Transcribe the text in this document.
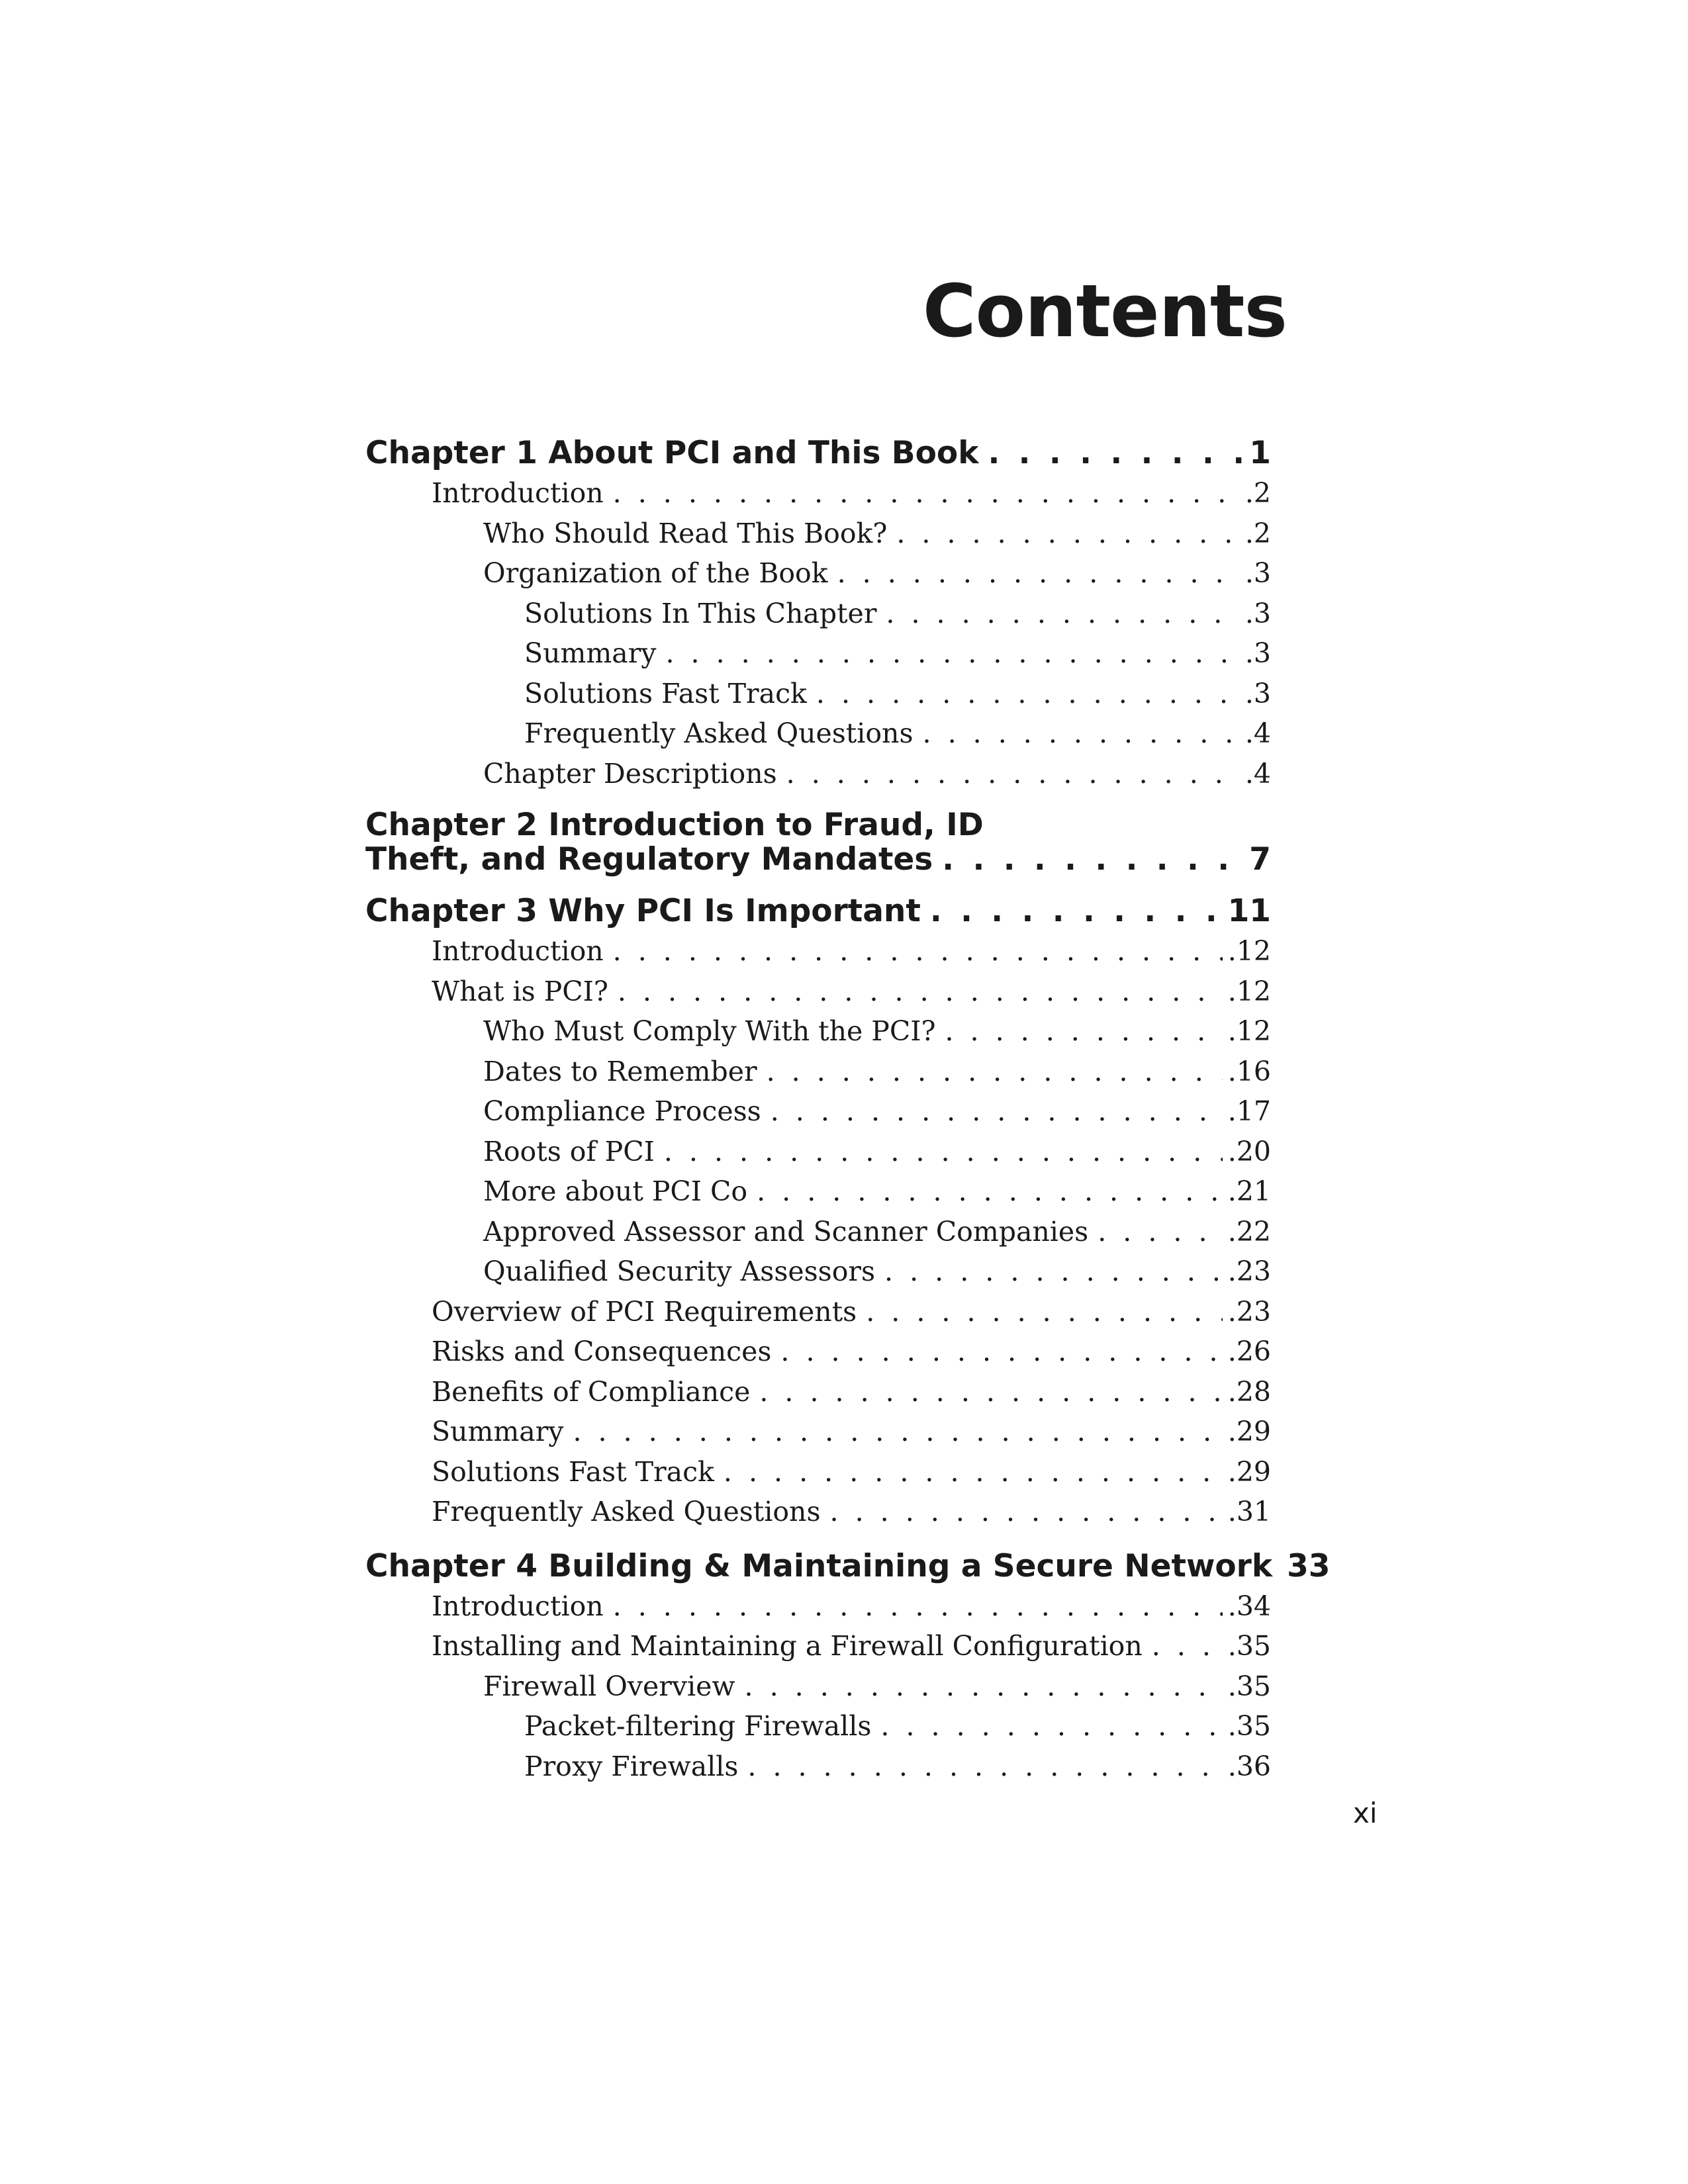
Contents
Chapter 1 About PCI and This Book . . .	1
Introduction . . .	.2
Who Should Read This Book? . . .	.2
Organization of the Book . . .	.3
Solutions In This Chapter . . .	.3
Summary . . .	.3
Solutions Fast Track . . .	.3
Frequently Asked Questions . . .	.4
Chapter Descriptions . . .	.4
Chapter 2 Introduction to Fraud, ID
Theft, and Regulatory Mandates . . .	7
Chapter 3 Why PCI Is Important . . .	11
Introduction . . .	.12
What is PCI? . . .	.12
Who Must Comply With the PCI? . . .	.12
Dates to Remember . . .	.16
Compliance Process . . .	.17
Roots of PCI . . .	.20
More about PCI Co . . .	.21
Approved Assessor and Scanner Companies . . .	.22
Qualified Security Assessors . . .	.23
Overview of PCI Requirements . . .	.23
Risks and Consequences . . .	.26
Benefits of Compliance . . .	.28
Summary . . .	.29
Solutions Fast Track . . .	.29
Frequently Asked Questions . . .	.31
Chapter 4 Building & Maintaining a Secure Network 33
Introduction . . .	.34
Installing and Maintaining a Firewall Configuration . . .	.35
Firewall Overview . . .	.35
Packet-filtering Firewalls . . .	.35
Proxy Firewalls . . .	.36
xi
